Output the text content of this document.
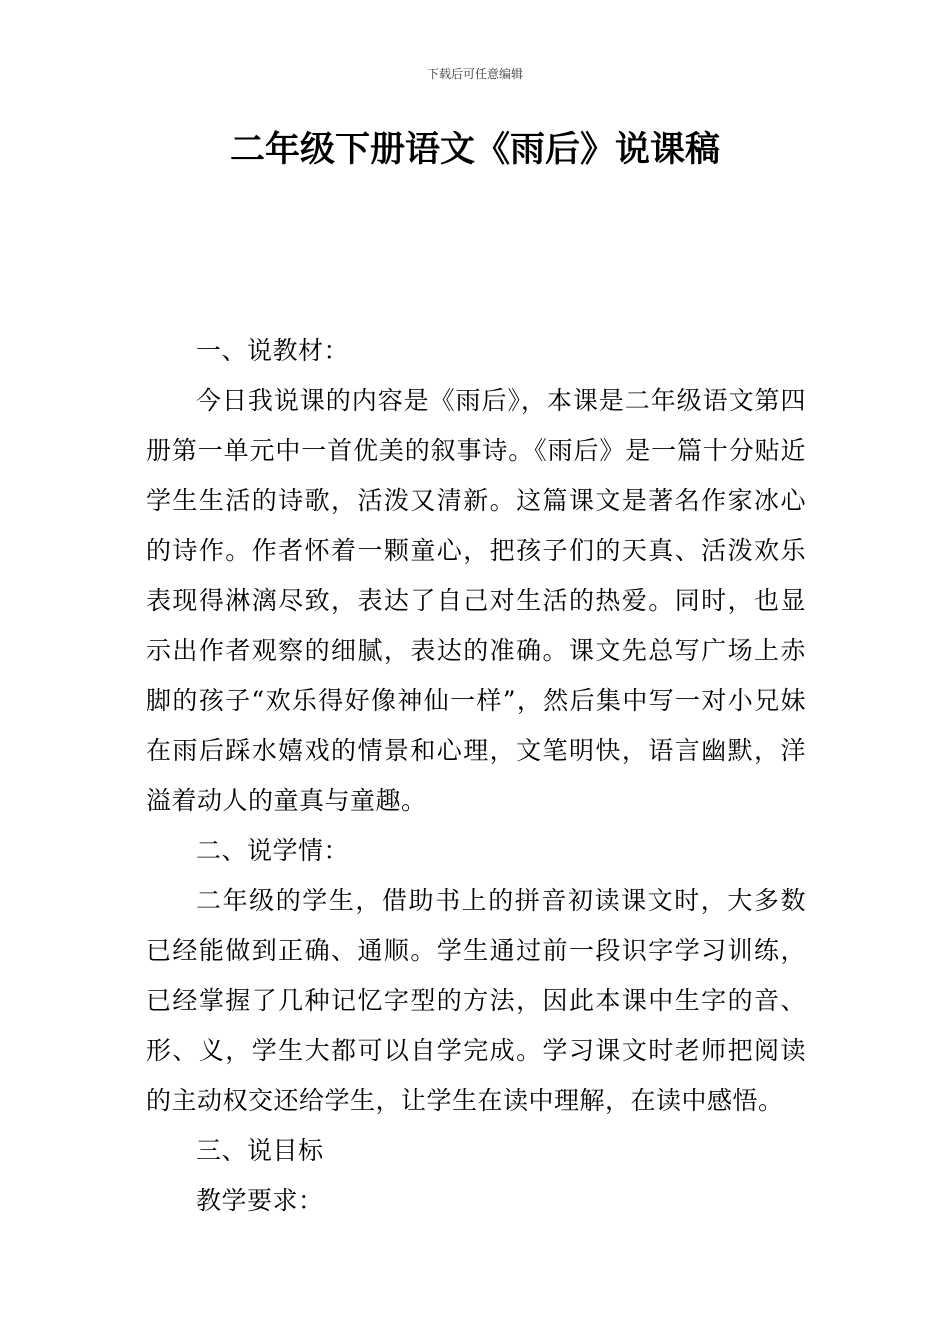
下载后可任意编辑
二年级下册语文《雨后》说课稿

一、说教材：

今日我说课的内容是《雨后》，本课是二年级语文第四册第一单元中一首优美的叙事诗。《雨后》是一篇十分贴近学生生活的诗歌，活泼又清新。这篇课文是著名作家冰心的诗作。作者怀着一颗童心，把孩子们的天真、活泼欢乐表现得淋漓尽致，表达了自己对生活的热爱。同时，也显示出作者观察的细腻，表达的准确。课文先总写广场上赤脚的孩子“欢乐得好像神仙一样”，然后集中写一对小兄妹在雨后踩水嬉戏的情景和心理，文笔明快，语言幽默，洋溢着动人的童真与童趣。

二、说学情：

二年级的学生，借助书上的拼音初读课文时，大多数已经能做到正确、通顺。学生通过前一段识字学习训练，已经掌握了几种记忆字型的方法，因此本课中生字的音、形、义，学生大都可以自学完成。学习课文时老师把阅读的主动权交还给学生，让学生在读中理解，在读中感悟。

三、说目标

教学要求：
